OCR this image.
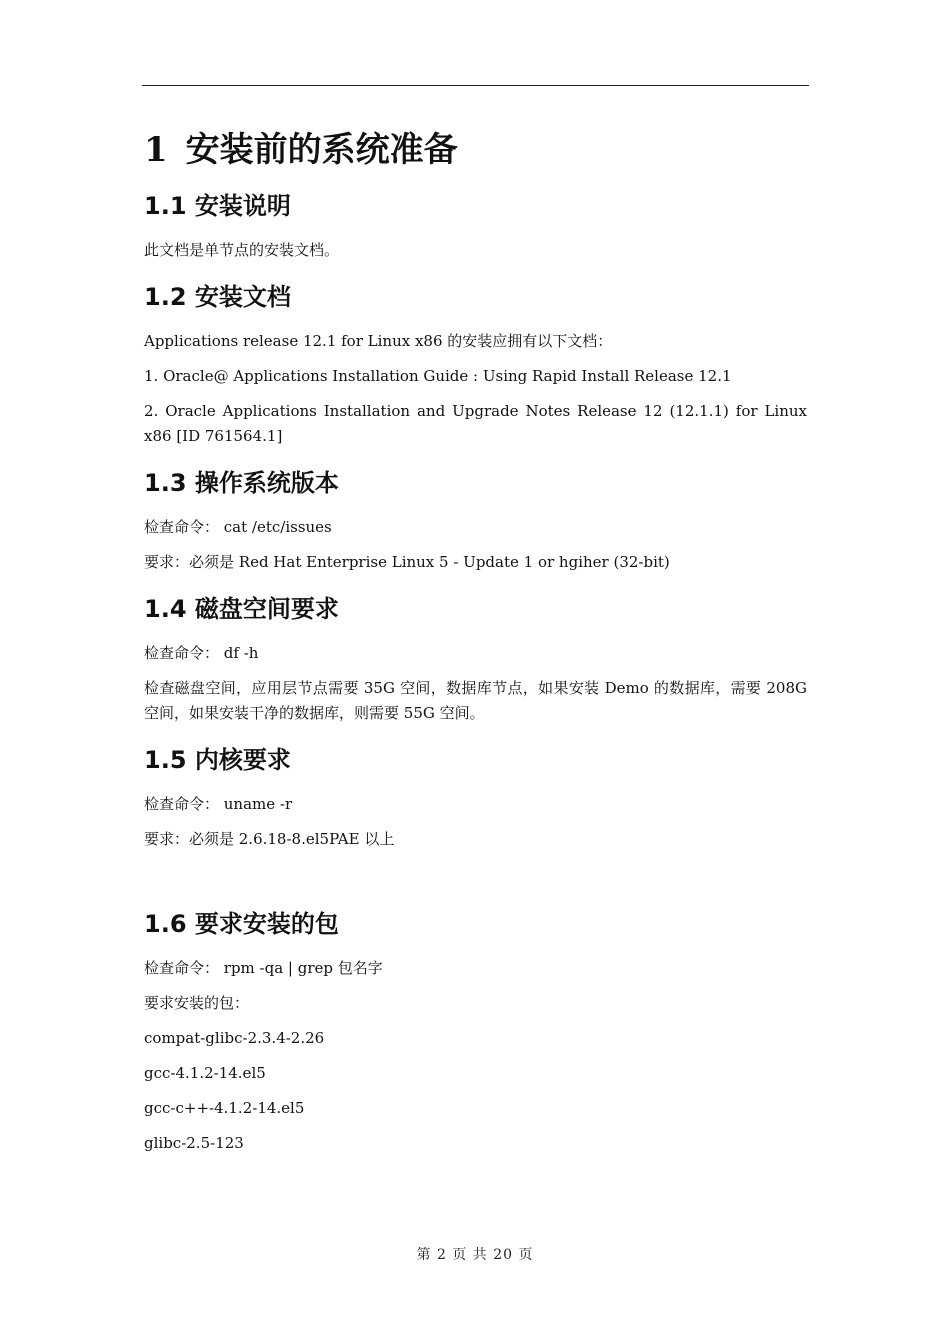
1 安装前的系统准备
1.1 安装说明

此文档是单节点的安装文档。

1.2 安装文档

Applications release 12.1 for Linux x86 的安装应拥有以下文档：

1. Oracle@ Applications Installation Guide : Using Rapid Install Release 12.1

2. Oracle Applications Installation and Upgrade Notes Release 12 (12.1.1) for Linux x86 [ID 761564.1]

1.3 操作系统版本

检查命令： cat /etc/issues

要求：必须是 Red Hat Enterprise Linux 5 - Update 1 or hgiher (32-bit)

1.4 磁盘空间要求

检查命令： df -h

检查磁盘空间，应用层节点需要 35G 空间，数据库节点，如果安装 Demo 的数据库，需要 208G 空间，如果安装干净的数据库，则需要 55G 空间。

1.5 内核要求

检查命令： uname -r

要求：必须是 2.6.18-8.el5PAE 以上

1.6 要求安装的包

检查命令： rpm -qa | grep 包名字

要求安装的包：

compat-glibc-2.3.4-2.26

gcc-4.1.2-14.el5

gcc-c++-4.1.2-14.el5

glibc-2.5-123

第 2 页 共 20 页
